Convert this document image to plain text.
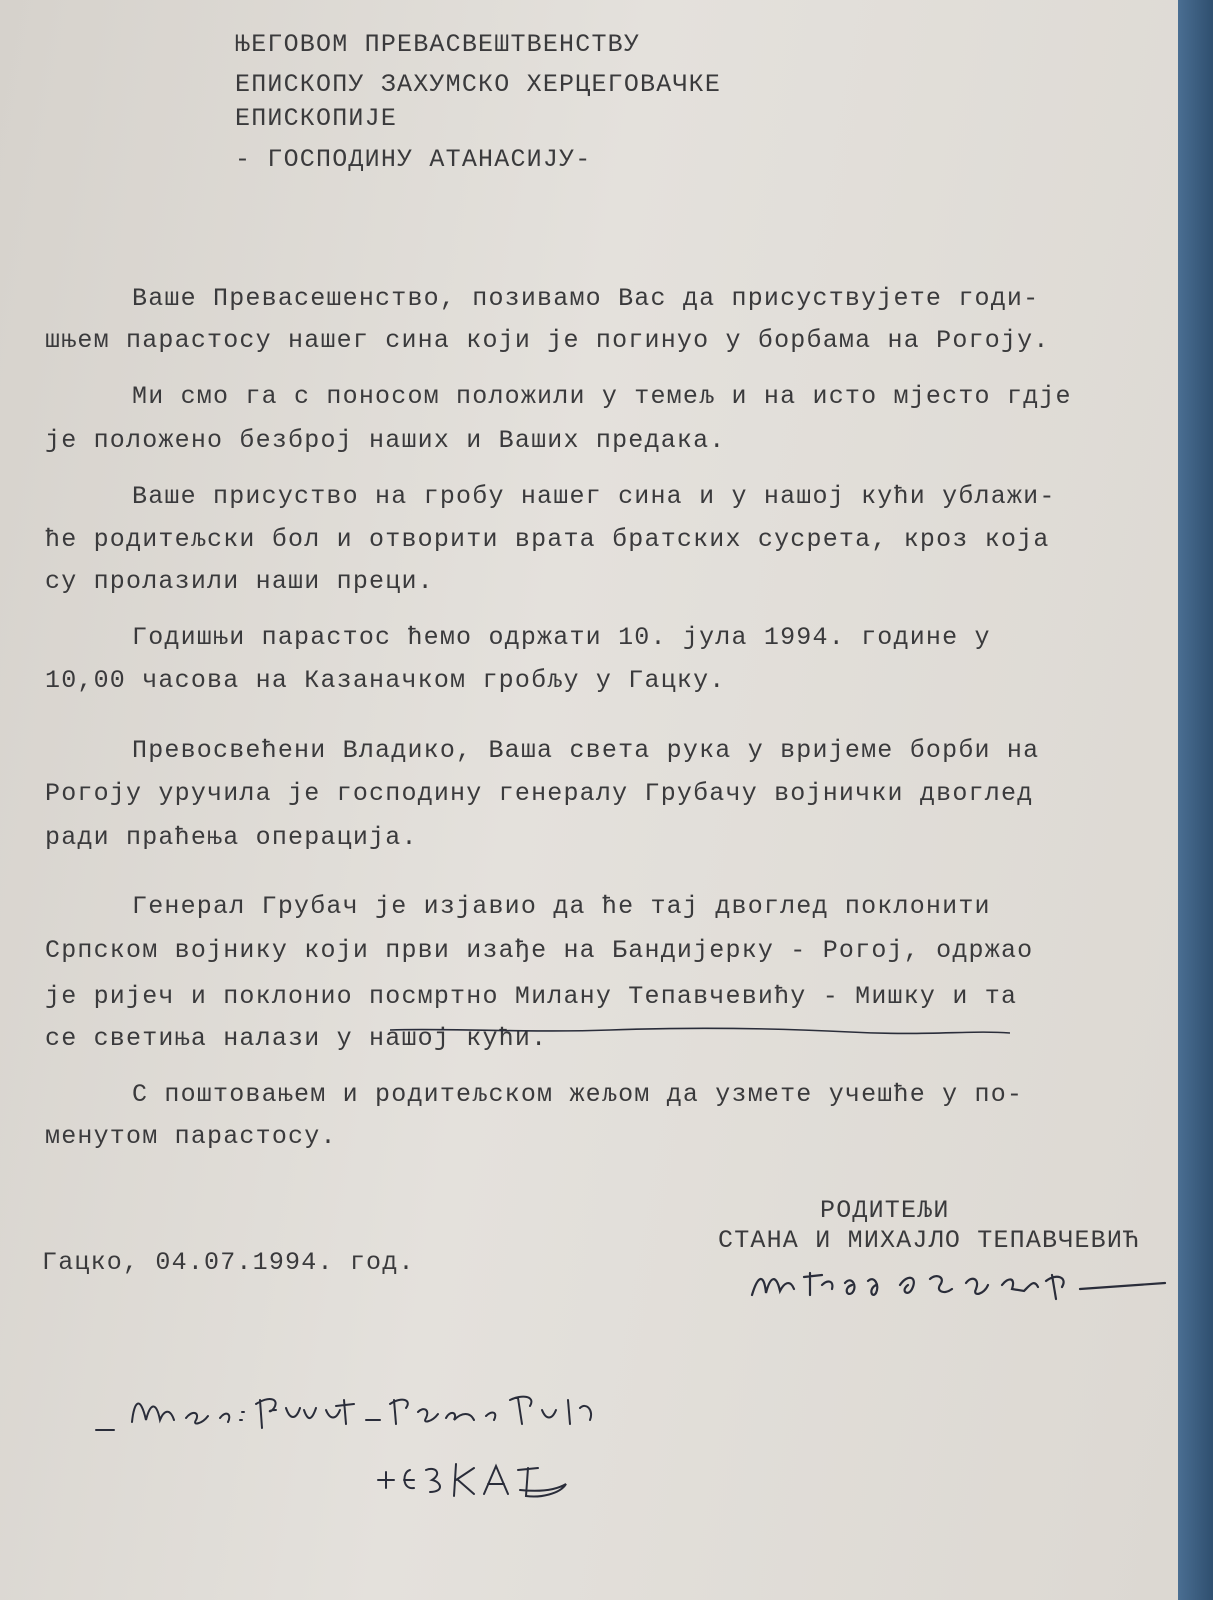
ЊЕГОВОМ ПРЕВАСВЕШТВЕНСТВУ

ЕПИСКОПУ ЗАХУМСКО ХЕРЦЕГОВАЧКЕ

ЕПИСКОПИЈЕ

- ГОСПОДИНУ АТАНАСИЈУ-

Ваше Превасешенство, позивамо Вас да присуствујете годи-

шњем парастосу нашег сина који је погинуо у борбама на Рогоју.

Ми смо га с поносом положили у темељ и на исто мјесто гдје

је положено безброј наших и Ваших предака.

Ваше присуство на гробу нашег сина и у нашој кући ублажи-

ће родитељски бол и отворити врата братских сусрета, кроз која

су пролазили наши преци.

Годишњи парастос ћемо одржати 10. јула 1994. године у

10,00 часова на Казаначком гробљу у Гацку.

Превосвећени Владико, Ваша света рука у вријеме борби на

Рогоју уручила је господину генералу Грубачу војнички двоглед

ради праћења операција.

Генерал Грубач је изјавио да ће тај двоглед поклонити

Српском војнику који први изађе на Бандијерку - Рогој, одржао

је ријеч и поклонио посмртно Милану Тепавчевићу - Мишку и та

се светиња налази у нашој кући.

С поштовањем и родитељском жељом да узмете учешће у по-

менутом парастосу.

РОДИТЕЉИ

СТАНА И МИХАЈЛО ТЕПАВЧЕВИЋ

Гацко, 04.07.1994. год.
